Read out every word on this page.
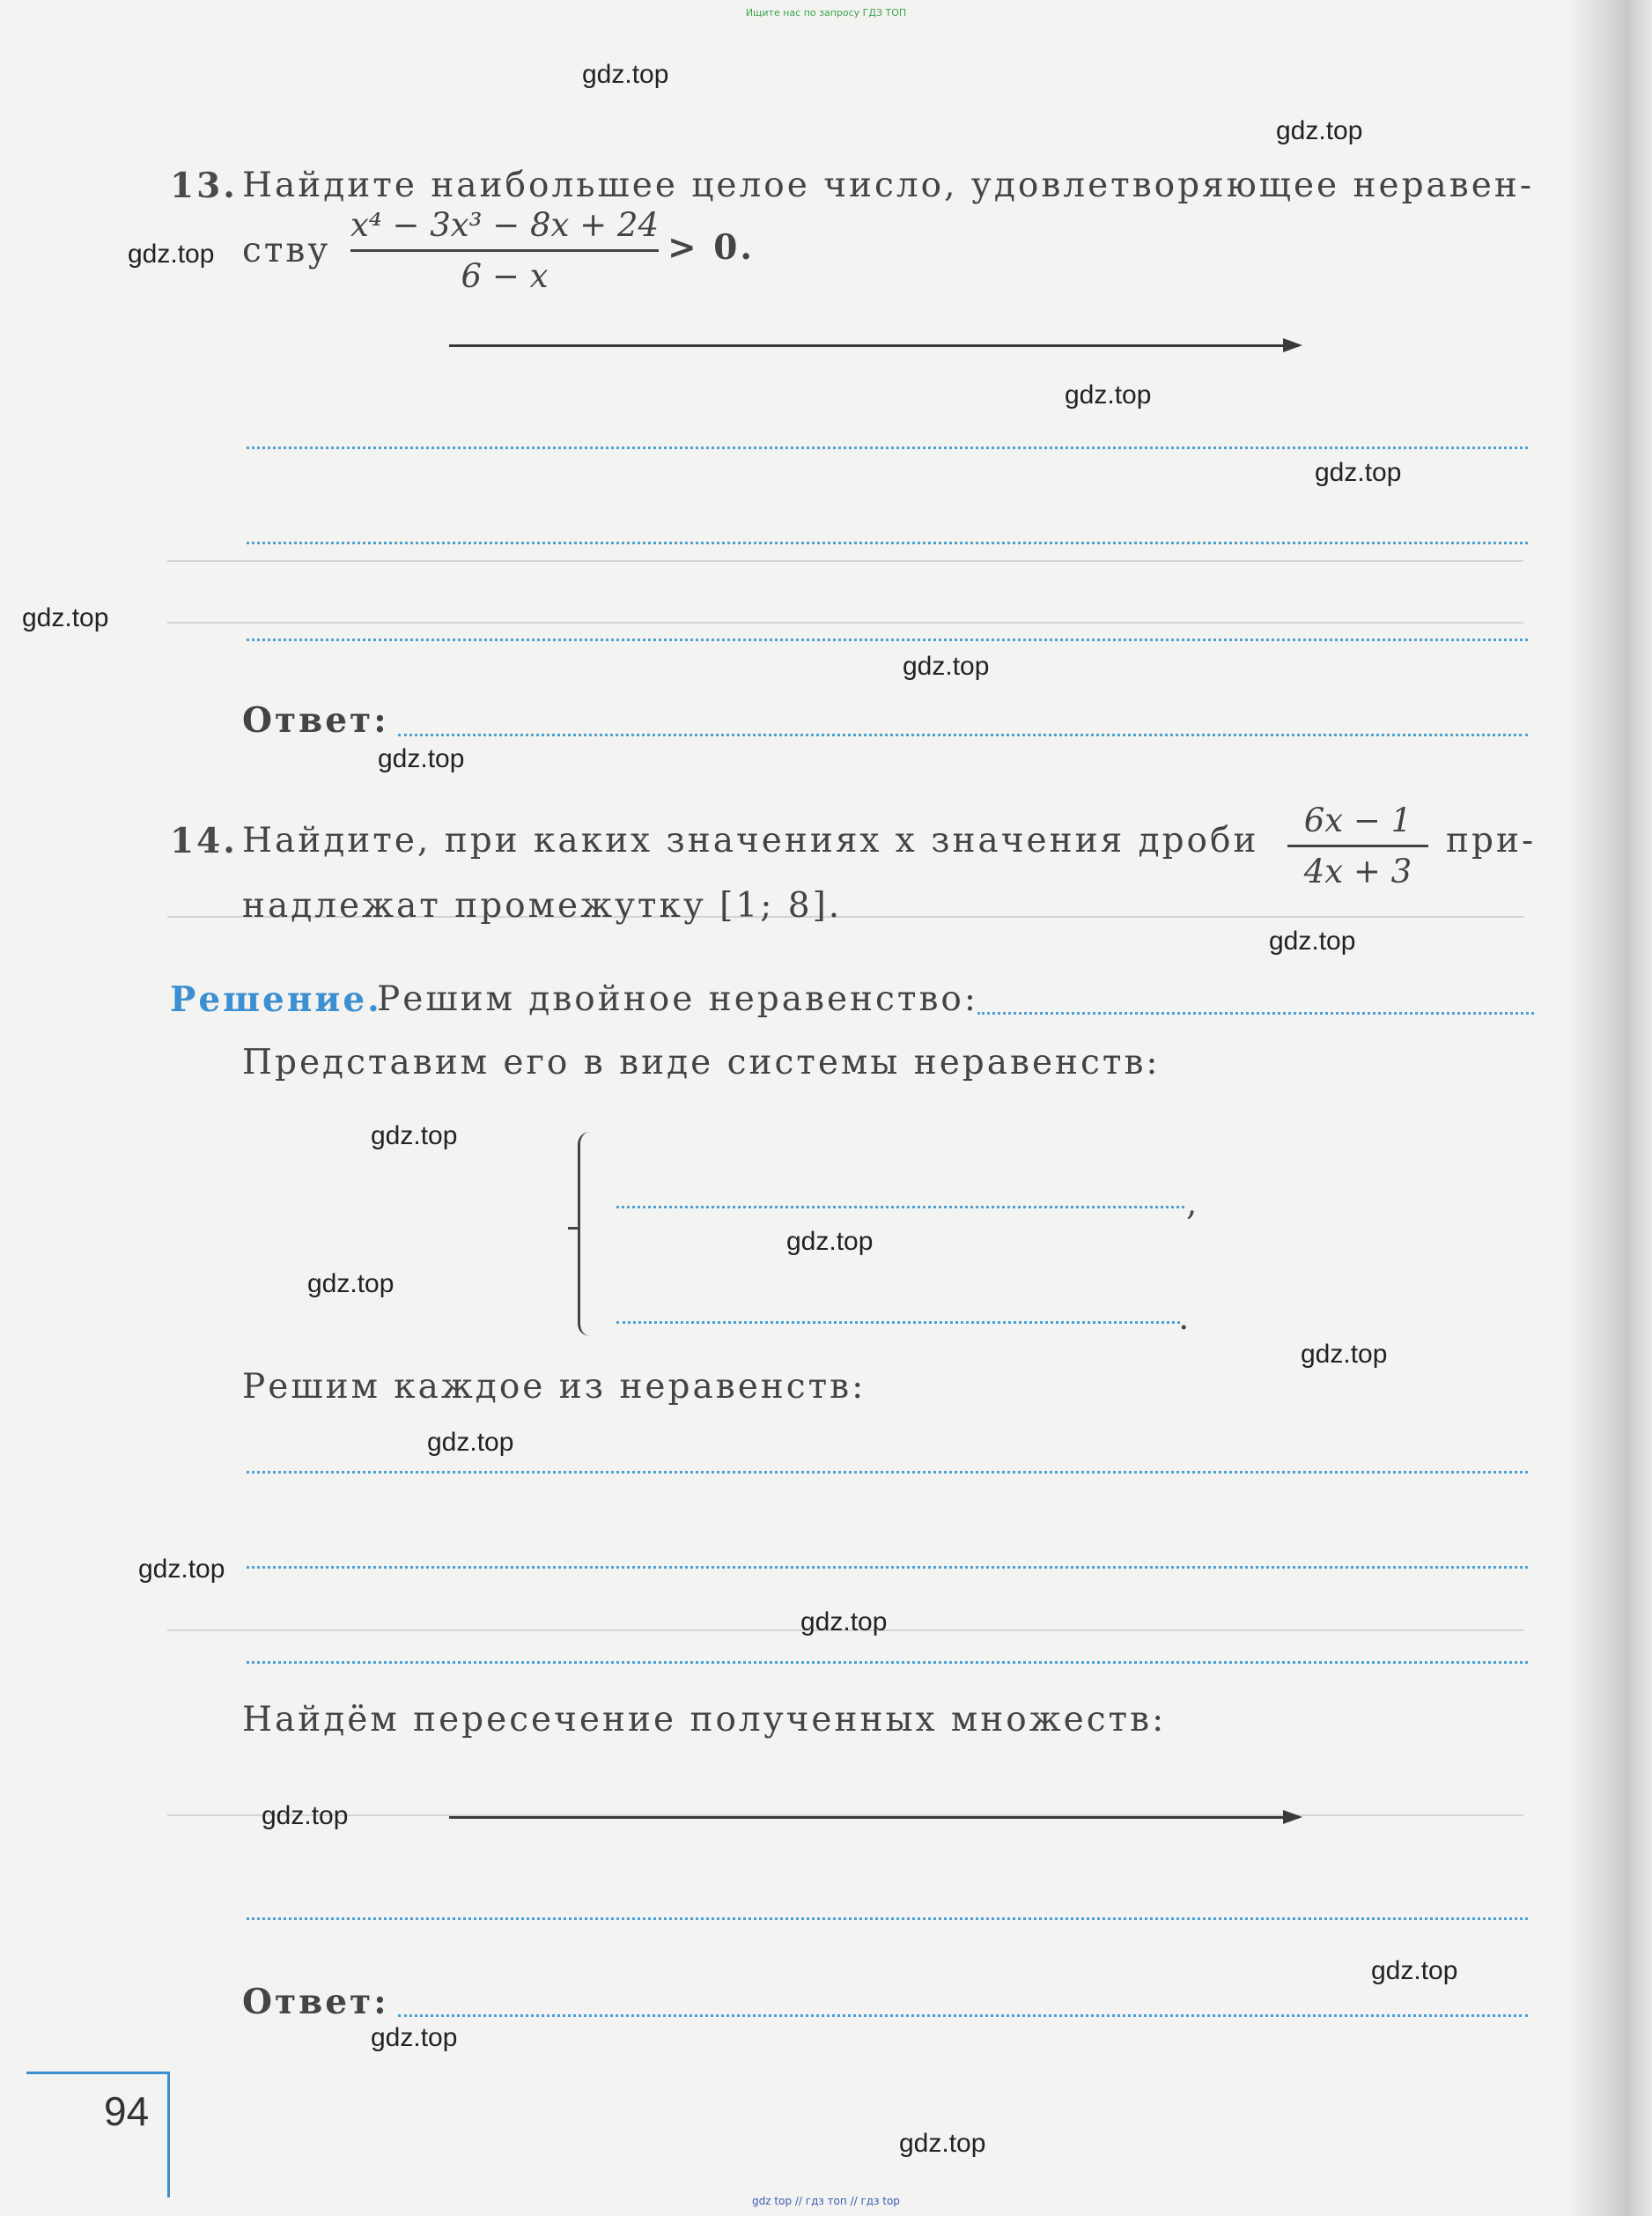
Ищите нас по запросу ГДЗ ТОП
gdz.top
gdz.top
gdz.top
gdz.top
gdz.top
gdz.top
gdz.top
gdz.top
gdz.top
gdz.top
gdz.top
gdz.top
gdz.top
gdz.top
gdz.top
gdz.top
gdz.top
gdz.top
gdz.top
gdz.top
13. Найдите наибольшее целое число, удовлетворяющее нерaвен-
ству
x⁴ − 3x³ − 8x + 24
6 − x
> 0.
Ответ:
14. Найдите, при каких значениях x значения дроби
6x − 1
4x + 3
при-
надлежат промежутку [1; 8].
Решение.
Решим двойное неравенство:
Представим его в виде системы неравенств:
,
.
Решим каждое из неравенств:
Найдём пересечение полученных множеств:
Ответ:
94
gdz top // гдз топ // гдз top
